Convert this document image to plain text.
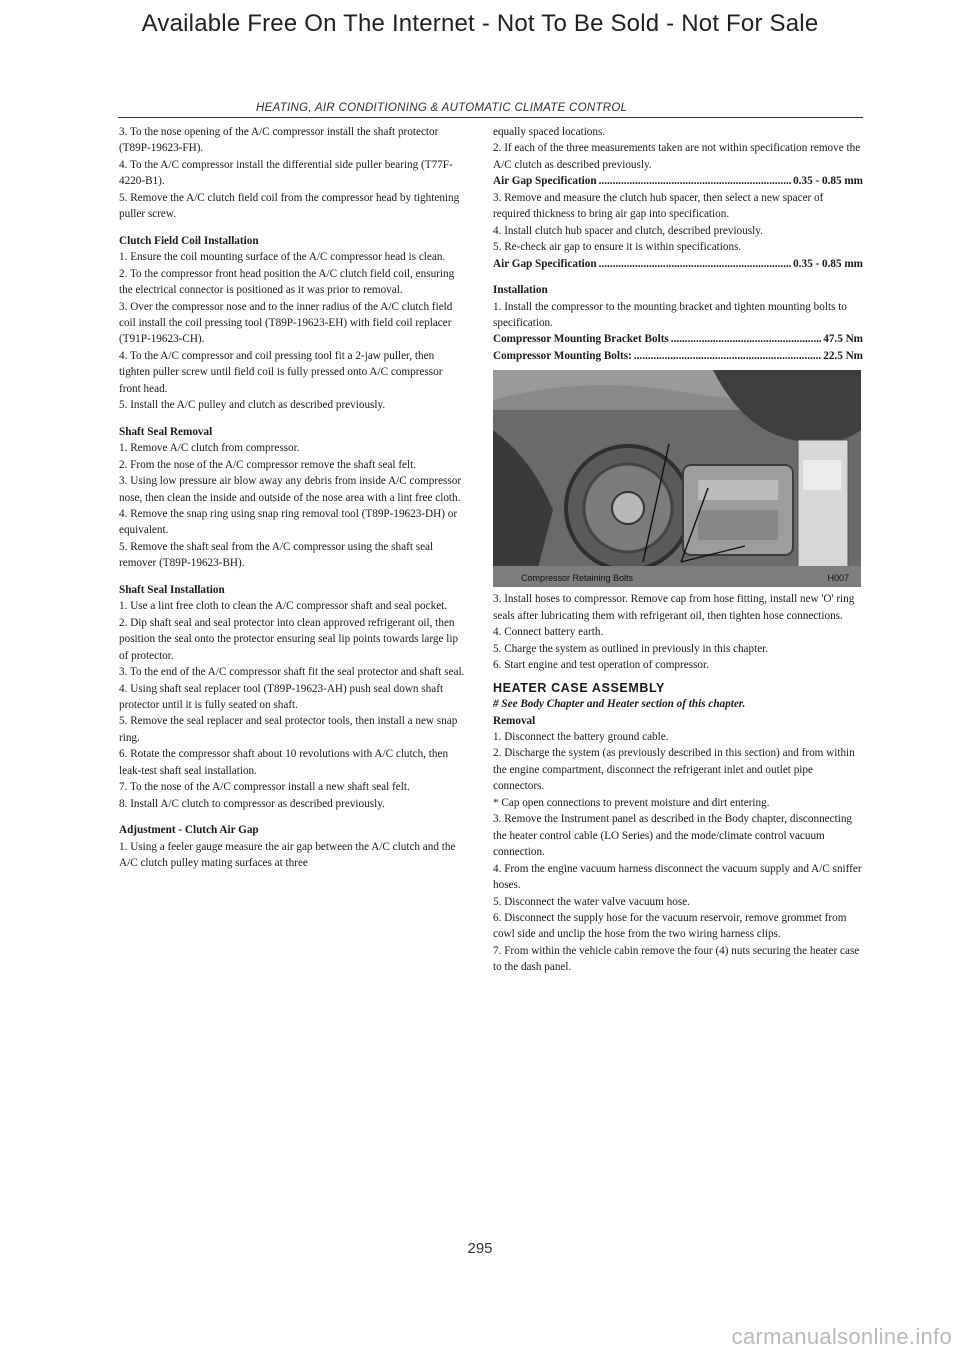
Available Free On The Internet - Not To Be Sold - Not For Sale
HEATING, AIR CONDITIONING & AUTOMATIC CLIMATE CONTROL

3. To the nose opening of the A/C compressor install the shaft protector (T89P-19623-FH).

4. To the A/C compressor install the differential side puller bearing (T77F-4220-B1).

5. Remove the A/C clutch field coil from the compressor head by tightening puller screw.

Clutch Field Coil Installation

1. Ensure the coil mounting surface of the A/C compressor head is clean.

2. To the compressor front head position the A/C clutch field coil, ensuring the electrical connector is positioned as it was prior to removal.

3. Over the compressor nose and to the inner radius of the A/C clutch field coil install the coil pressing tool (T89P-19623-EH) with field coil replacer (T91P-19623-CH).

4. To the A/C compressor and coil pressing tool fit a 2-jaw puller, then tighten puller screw until field coil is fully pressed onto A/C compressor front head.

5. Install the A/C pulley and clutch as described previously.

Shaft Seal Removal

1. Remove A/C clutch from compressor.

2. From the nose of the A/C compressor remove the shaft seal felt.

3. Using low pressure air blow away any debris from inside A/C compressor nose, then clean the inside and outside of the nose area with a lint free cloth.

4. Remove the snap ring using snap ring removal tool (T89P-19623-DH) or equivalent.

5. Remove the shaft seal from the A/C compressor using the shaft seal remover (T89P-19623-BH).

Shaft Seal Installation

1. Use a lint free cloth to clean the A/C compressor shaft and seal pocket.

2. Dip shaft seal and seal protector into clean approved refrigerant oil, then position the seal onto the protector ensuring seal lip points towards large lip of protector.

3. To the end of the A/C compressor shaft fit the seal protector and shaft seal.

4. Using shaft seal replacer tool (T89P-19623-AH) push seal down shaft protector until it is fully seated on shaft.

5. Remove the seal replacer and seal protector tools, then install a new snap ring.

6. Rotate the compressor shaft about 10 revolutions with A/C clutch, then leak-test shaft seal installation.

7. To the nose of the A/C compressor install a new shaft seal felt.

8. Install A/C clutch to compressor as described previously.

Adjustment - Clutch Air Gap

1. Using a feeler gauge measure the air gap between the A/C clutch and the A/C clutch pulley mating surfaces at three

equally spaced locations.

2. If each of the three measurements taken are not within specification remove the A/C clutch as described previously.

Air Gap Specification .....	0.35 - 0.85 mm

3. Remove and measure the clutch hub spacer, then select a new spacer of required thickness to bring air gap into specification.

4. Install clutch hub spacer and clutch, described previously.

5. Re-check air gap to ensure it is within specifications.

Air Gap Specification .....	0.35 - 0.85 mm

Installation

1. Install the compressor to the mounting bracket and tighten mounting bolts to specification.

Compressor Mounting Bracket Bolts .....	47.5 Nm

Compressor Mounting Bolts: .....	22.5 Nm

Compressor Retaining Bolts	H007

3. Install hoses to compressor. Remove cap from hose fitting, install new 'O' ring seals after lubricating them with refrigerant oil, then tighten hose connections.

4. Connect battery earth.

5. Charge the system as outlined in previously in this chapter.

6. Start engine and test operation of compressor.

HEATER CASE ASSEMBLY

# See Body Chapter and Heater section of this chapter.

Removal

1. Disconnect the battery ground cable.

2. Discharge the system (as previously described in this section) and from within the engine compartment, disconnect the refrigerant inlet and outlet pipe connectors.

* Cap open connections to prevent moisture and dirt entering.

3. Remove the Instrument panel as described in the Body chapter, disconnecting the heater control cable (LO Series) and the mode/climate control vacuum connection.

4. From the engine vacuum harness disconnect the vacuum supply and A/C sniffer hoses.

5. Disconnect the water valve vacuum hose.

6. Disconnect the supply hose for the vacuum reservoir, remove grommet from cowl side and unclip the hose from the two wiring harness clips.

7. From within the vehicle cabin remove the four (4) nuts securing the heater case to the dash panel.

295
carmanualsonline.info
